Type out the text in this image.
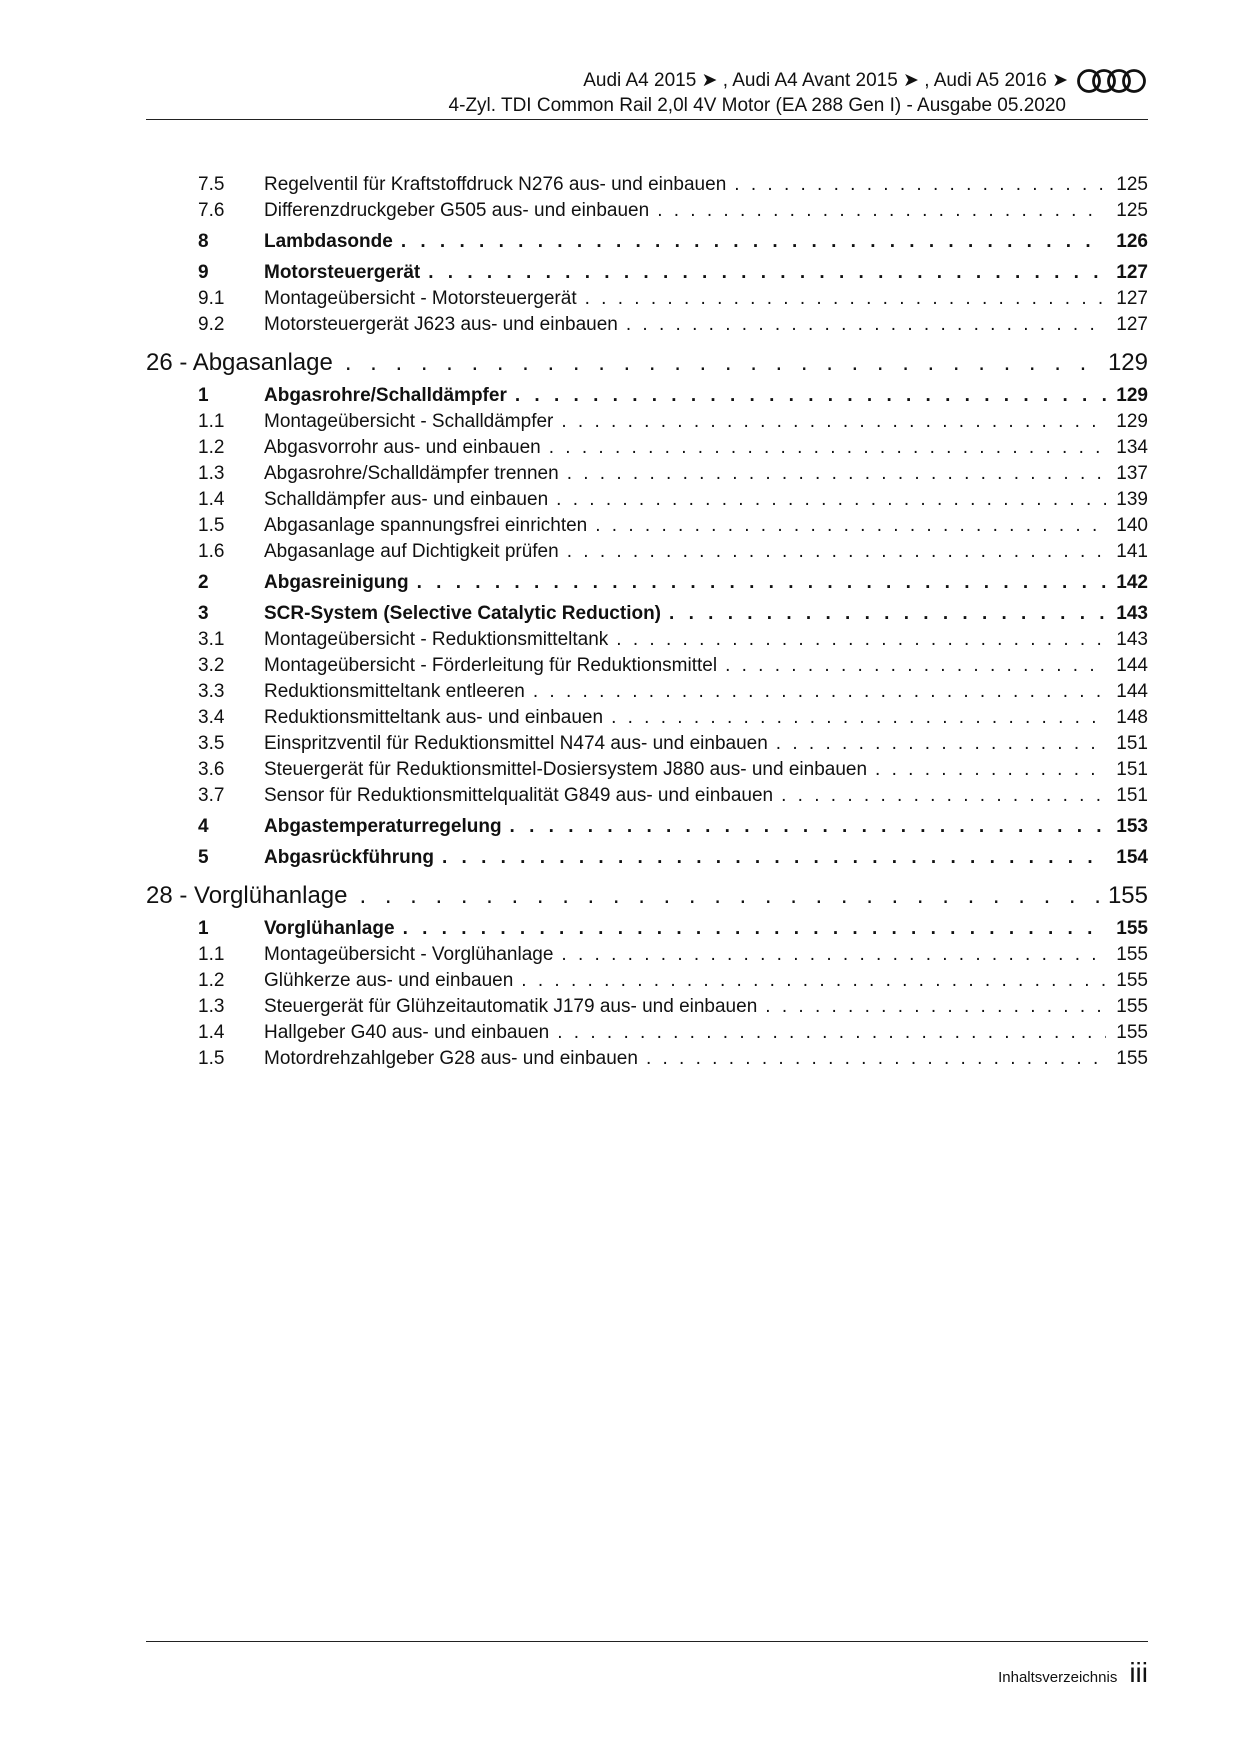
Audi A4 2015 ➤ , Audi A4 Avant 2015 ➤ , Audi A5 2016 ➤
4-Zyl. TDI Common Rail 2,0l 4V Motor (EA 288 Gen I) - Ausgabe 05.2020
7.5	Regelventil für Kraftstoffdruck N276 aus- und einbauen . . .	125
7.6	Differenzdruckgeber G505 aus- und einbauen . . .	125
8	Lambdasonde . . .	126
9	Motorsteuergerät . . .	127
9.1	Montageübersicht - Motorsteuergerät . . .	127
9.2	Motorsteuergerät J623 aus- und einbauen . . .	127
26 - Abgasanlage . . .	129
1	Abgasrohre/Schalldämpfer . . .	129
1.1	Montageübersicht - Schalldämpfer . . .	129
1.2	Abgasvorrohr aus- und einbauen . . .	134
1.3	Abgasrohre/Schalldämpfer trennen . . .	137
1.4	Schalldämpfer aus- und einbauen . . .	139
1.5	Abgasanlage spannungsfrei einrichten . . .	140
1.6	Abgasanlage auf Dichtigkeit prüfen . . .	141
2	Abgasreinigung . . .	142
3	SCR-System (Selective Catalytic Reduction) . . .	143
3.1	Montageübersicht - Reduktionsmitteltank . . .	143
3.2	Montageübersicht - Förderleitung für Reduktionsmittel . . .	144
3.3	Reduktionsmitteltank entleeren . . .	144
3.4	Reduktionsmitteltank aus- und einbauen . . .	148
3.5	Einspritzventil für Reduktionsmittel N474 aus- und einbauen . . .	151
3.6	Steuergerät für Reduktionsmittel-Dosiersystem J880 aus- und einbauen . . .	151
3.7	Sensor für Reduktionsmittelqualität G849 aus- und einbauen . . .	151
4	Abgastemperaturregelung . . .	153
5	Abgasrückführung . . .	154
28 - Vorglühanlage . . .	155
1	Vorglühanlage . . .	155
1.1	Montageübersicht - Vorglühanlage . . .	155
1.2	Glühkerze aus- und einbauen . . .	155
1.3	Steuergerät für Glühzeitautomatik J179 aus- und einbauen . . .	155
1.4	Hallgeber G40 aus- und einbauen . . .	155
1.5	Motordrehzahlgeber G28 aus- und einbauen . . .	155
Inhaltsverzeichnis iii
